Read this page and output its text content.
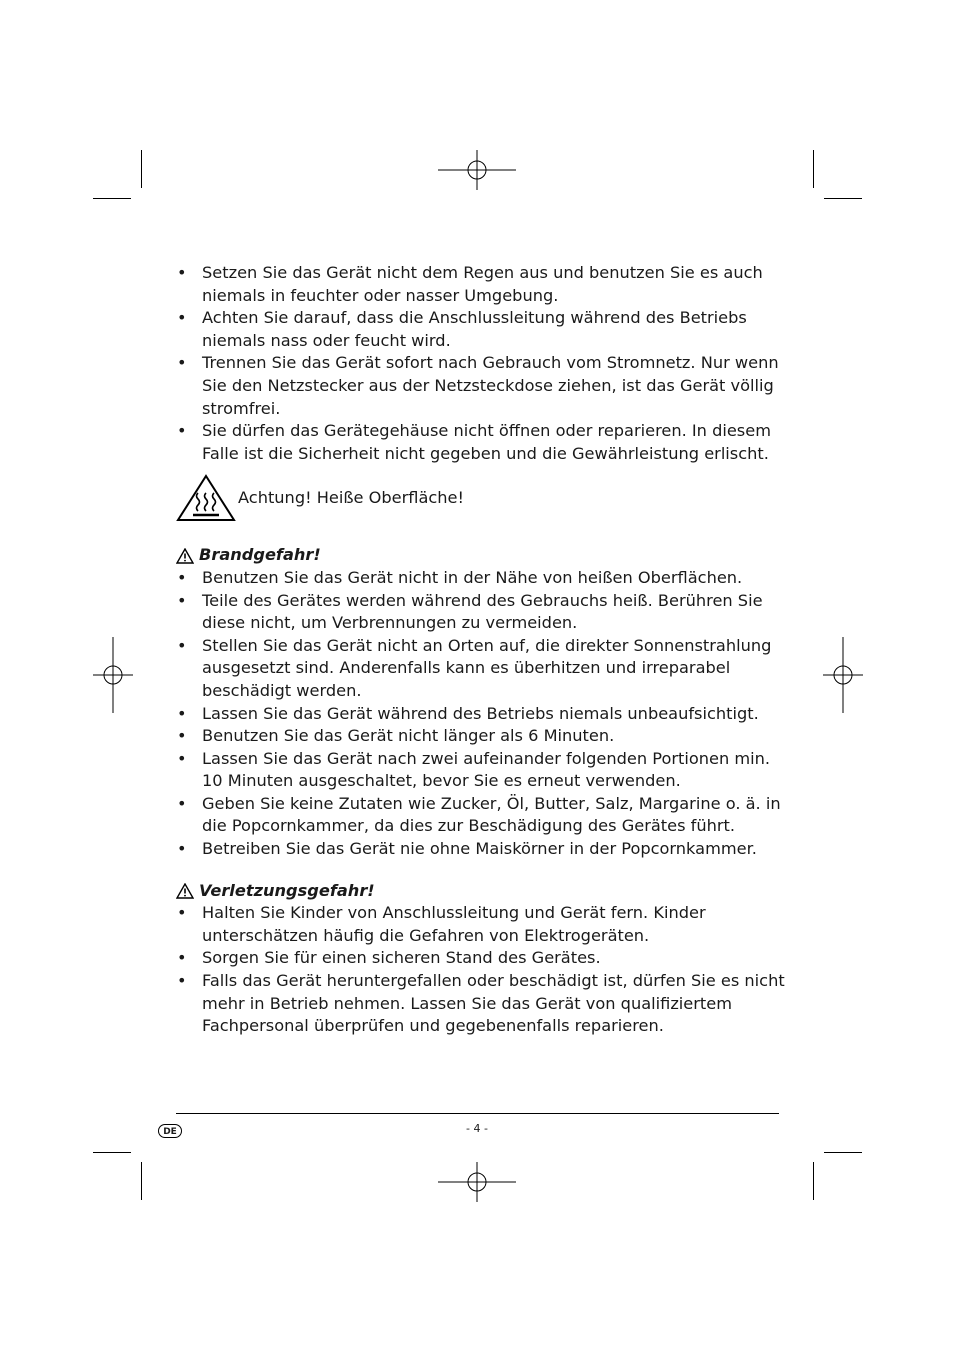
• Setzen Sie das Gerät nicht dem Regen aus und benutzen Sie es auch niemals in feuchter oder nasser Umgebung.
• Achten Sie darauf, dass die Anschlussleitung während des Betriebs niemals nass oder feucht wird.
• Trennen Sie das Gerät sofort nach Gebrauch vom Stromnetz. Nur wenn Sie den Netzstecker aus der Netzsteckdose ziehen, ist das Gerät völlig stromfrei.
• Sie dürfen das Gerätegehäuse nicht öffnen oder reparieren. In diesem Falle ist die Sicherheit nicht gegeben und die Gewährleistung erlischt.
Achtung! Heiße Oberfläche!
Brandgefahr!
• Benutzen Sie das Gerät nicht in der Nähe von heißen Oberflächen.
• Teile des Gerätes werden während des Gebrauchs heiß. Berühren Sie diese nicht, um Verbrennungen zu vermeiden.
• Stellen Sie das Gerät nicht an Orten auf, die direkter Sonnenstrahlung ausgesetzt sind. Anderenfalls kann es überhitzen und irreparabel beschädigt werden.
• Lassen Sie das Gerät während des Betriebs niemals unbeaufsichtigt.
• Benutzen Sie das Gerät nicht länger als 6 Minuten.
• Lassen Sie das Gerät nach zwei aufeinander folgenden Portionen min. 10 Minuten ausgeschaltet, bevor Sie es erneut verwenden.
• Geben Sie keine Zutaten wie Zucker, Öl, Butter, Salz, Margarine o. ä. in die Popcornkammer, da dies zur Beschädigung des Gerätes führt.
• Betreiben Sie das Gerät nie ohne Maiskörner in der Popcornkammer.
Verletzungsgefahr!
• Halten Sie Kinder von Anschlussleitung und Gerät fern. Kinder unterschätzen häufig die Gefahren von Elektrogeräten.
• Sorgen Sie für einen sicheren Stand des Gerätes.
• Falls das Gerät heruntergefallen oder beschädigt ist, dürfen Sie es nicht mehr in Betrieb nehmen. Lassen Sie das Gerät von qualifiziertem Fachpersonal überprüfen und gegebenenfalls reparieren.
DE	- 4 -
